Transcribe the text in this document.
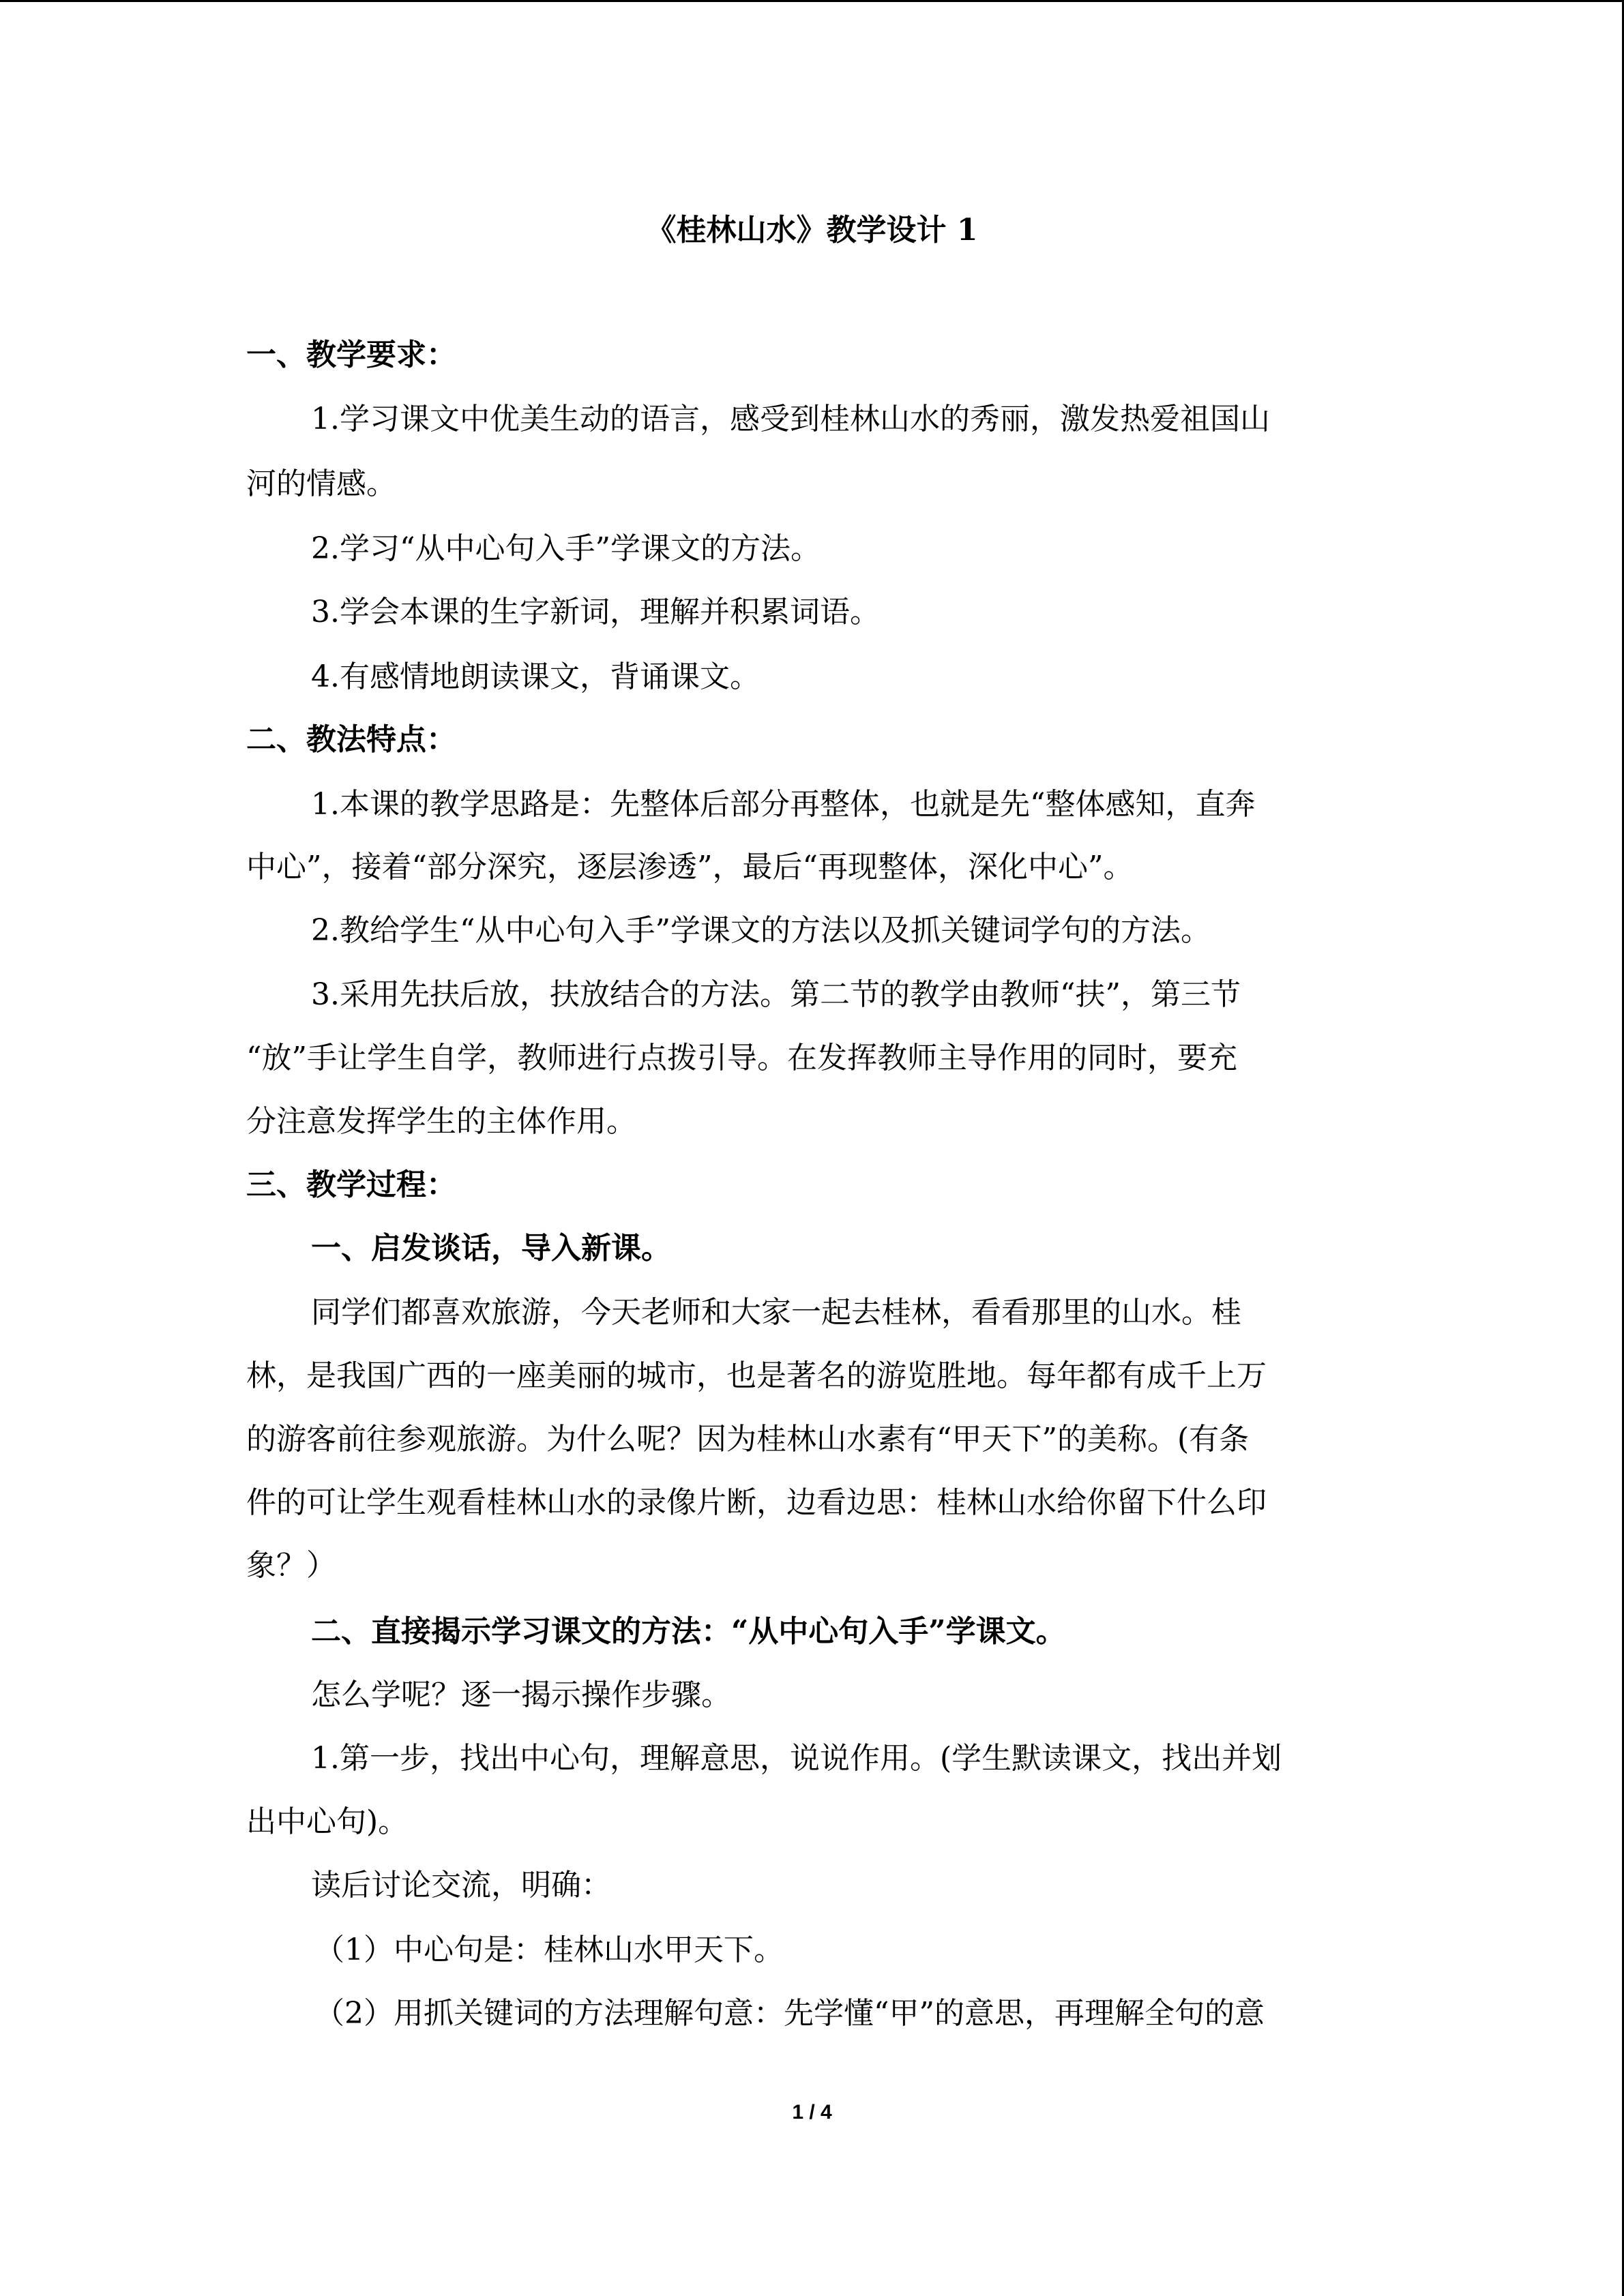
《桂林山水》教学设计 1
一、教学要求：
1.学习课文中优美生动的语言，感受到桂林山水的秀丽，激发热爱祖国山
河的情感。
2.学习“从中心句入手”学课文的方法。
3.学会本课的生字新词，理解并积累词语。
4.有感情地朗读课文，背诵课文。
二、教法特点：
1.本课的教学思路是：先整体后部分再整体，也就是先“整体感知，直奔
中心”，接着“部分深究，逐层渗透”，最后“再现整体，深化中心”。
2.教给学生“从中心句入手”学课文的方法以及抓关键词学句的方法。
3.采用先扶后放，扶放结合的方法。第二节的教学由教师“扶”，第三节
“放”手让学生自学，教师进行点拨引导。在发挥教师主导作用的同时，要充
分注意发挥学生的主体作用。
三、教学过程：
一、启发谈话，导入新课。
同学们都喜欢旅游，今天老师和大家一起去桂林，看看那里的山水。桂
林，是我国广西的一座美丽的城市，也是著名的游览胜地。每年都有成千上万
的游客前往参观旅游。为什么呢？因为桂林山水素有“甲天下”的美称。(有条
件的可让学生观看桂林山水的录像片断，边看边思：桂林山水给你留下什么印
象？）
二、直接揭示学习课文的方法：“从中心句入手”学课文。
怎么学呢？逐一揭示操作步骤。
1.第一步，找出中心句，理解意思，说说作用。(学生默读课文，找出并划
出中心句)。
读后讨论交流，明确：
（1）中心句是：桂林山水甲天下。
（2）用抓关键词的方法理解句意：先学懂“甲”的意思，再理解全句的意
1 / 4
